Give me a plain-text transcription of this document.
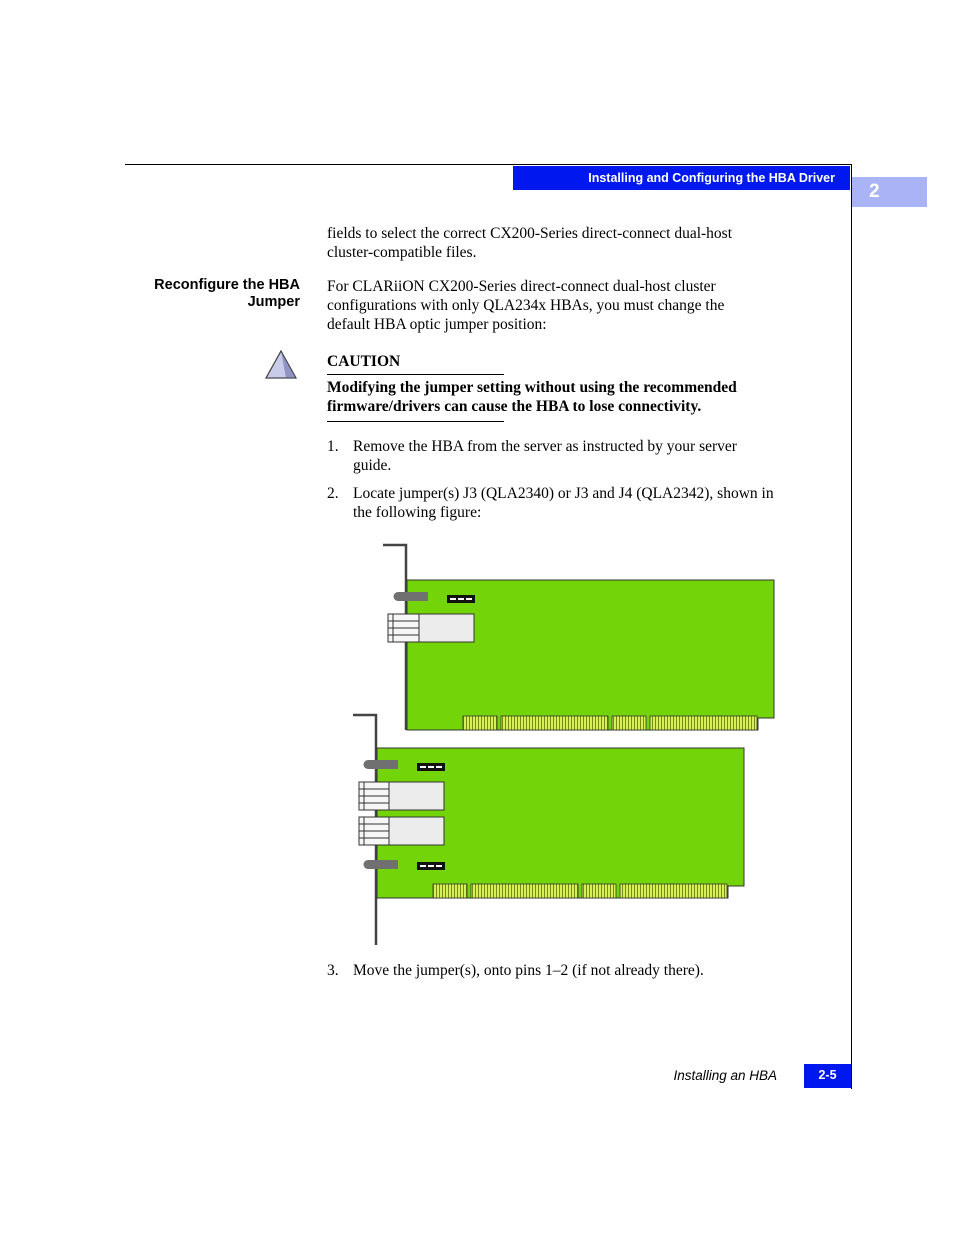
Installing and Configuring the HBA Driver
2
fields to select the correct CX200-Series direct-connect dual-host
cluster-compatible files.
Reconfigure the HBA
Jumper
For CLARiiON CX200-Series direct-connect dual-host cluster
configurations with only QLA234x HBAs, you must change the
default HBA optic jumper position:
CAUTION
Modifying the jumper setting without using the recommended
firmware/drivers can cause the HBA to lose connectivity.
1. Remove the HBA from the server as instructed by your server
guide.
2. Locate jumper(s) J3 (QLA2340) or J3 and J4 (QLA2342), shown in
the following figure:
3. Move the jumper(s), onto pins 1–2 (if not already there).
Installing an HBA	2-5
